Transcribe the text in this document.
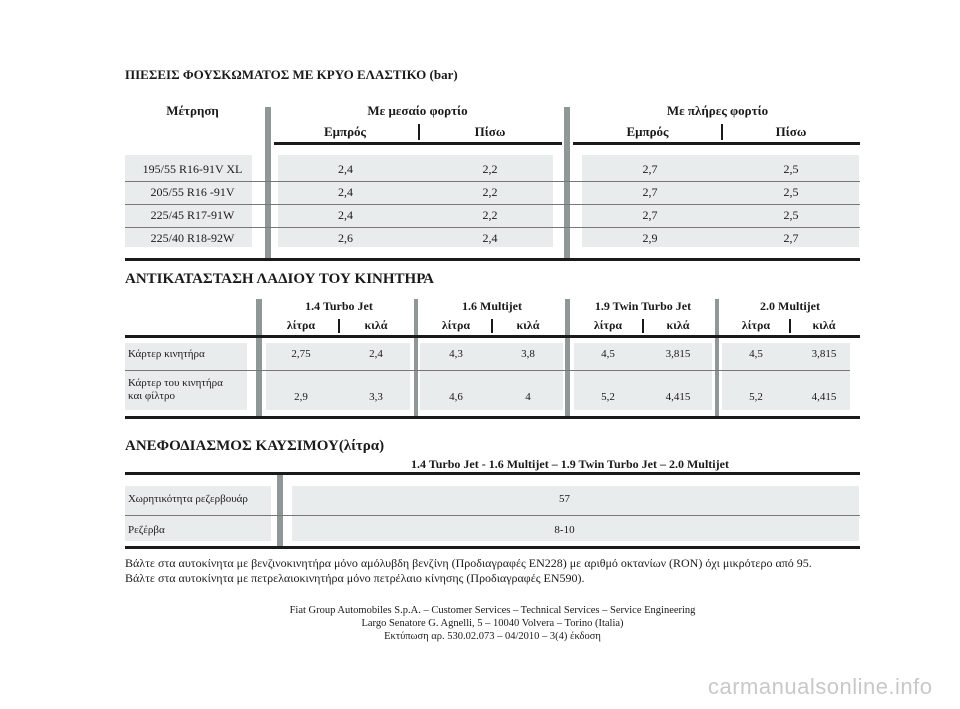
ΠΙΕΣΕΙΣ ΦΟΥΣΚΩΜΑΤΟΣ ΜΕ ΚΡΥΟ ΕΛΑΣΤΙΚΟ (bar)
Μέτρηση	Με μεσαίο φορτίο	Με πλήρες φορτίο
Εμπρός	Πίσω	Εμπρός	Πίσω
195/55 R16-91V XL	2,4	2,2	2,7	2,5
205/55 R16 -91V	2,4	2,2	2,7	2,5
225/45 R17-91W	2,4	2,2	2,7	2,5
225/40 R18-92W	2,6	2,4	2,9	2,7
ΑΝΤΙΚΑΤΑΣΤΑΣΗ ΛΑΔΙΟΥ ΤΟΥ ΚΙΝΗΤΗΡΑ
1.4 Turbo Jet	1.6 Multijet	1.9 Twin Turbo Jet	2.0 Multijet
λίτρα	κιλά	λίτρα	κιλά	λίτρα	κιλά	λίτρα	κιλά
Κάρτερ κινητήρα	2,75	2,4	4,3	3,8	4,5	3,815	4,5	3,815
Κάρτερ του κινητήρα
και φίλτρο	2,9	3,3	4,6	4	5,2	4,415	5,2	4,415
ΑΝΕΦΟΔΙΑΣΜΟΣ ΚΑΥΣΙΜΟΥ(λίτρα)
1.4 Turbo Jet - 1.6 Multijet – 1.9 Twin Turbo Jet – 2.0 Multijet
Χωρητικότητα ρεζερβουάρ	57
Ρεζέρβα	8-10
Βάλτε στα αυτοκίνητα με βενζινοκινητήρα μόνο αμόλυβδη βενζίνη (Προδιαγραφές EN228) με αριθμό οκτανίων (RON) όχι μικρότερο από 95.
Βάλτε στα αυτοκίνητα με πετρελαιοκινητήρα μόνο πετρέλαιο κίνησης (Προδιαγραφές EN590).
Fiat Group Automobiles S.p.A. – Customer Services – Technical Services – Service Engineering
Largo Senatore G. Agnelli, 5 – 10040 Volvera – Torino (Italia)
Εκτύπωση αρ. 530.02.073 – 04/2010 – 3(4) έκδοση
carmanualsonline.info
